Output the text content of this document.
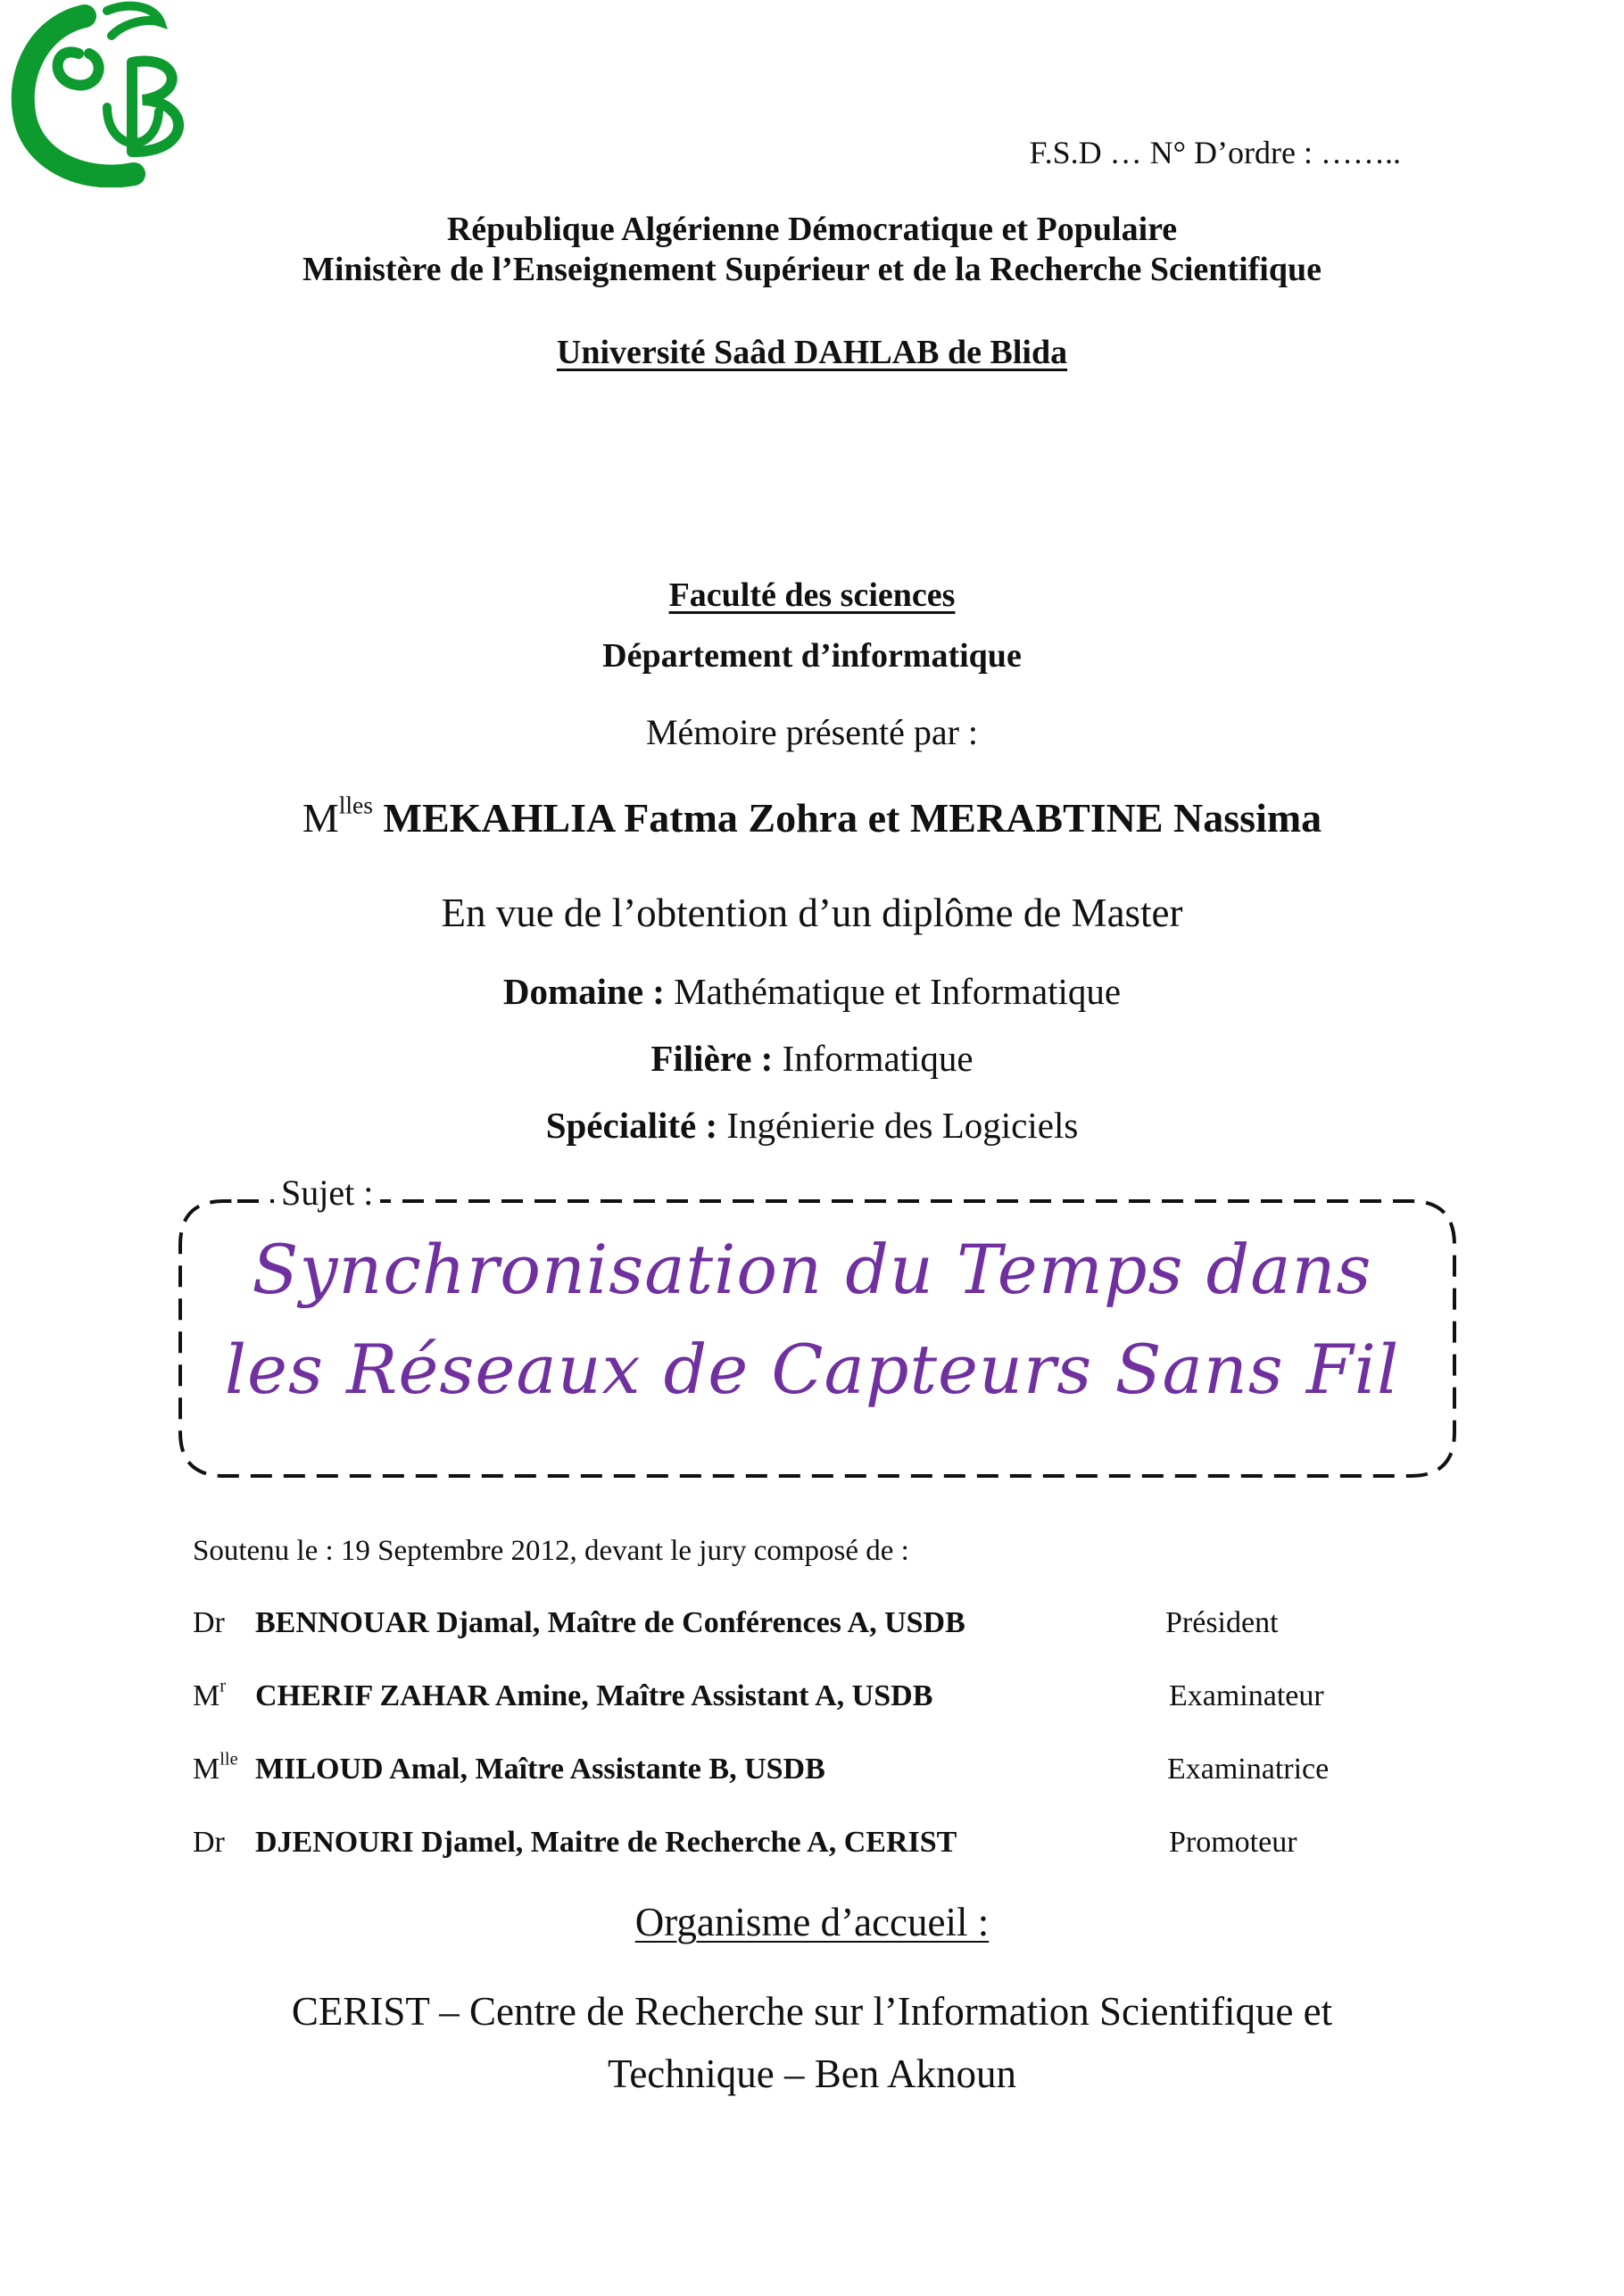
F.S.D … N° D’ordre : ……..
République Algérienne Démocratique et Populaire
Ministère de l’Enseignement Supérieur et de la Recherche Scientifique
Université Saâd DAHLAB de Blida
Faculté des sciences
Département d’informatique
Mémoire présenté par :
$M^{lles}$ MEKAHLIA Fatma Zohra et MERABTINE Nassima
En vue de l’obtention d’un diplôme de Master
Domaine : Mathématique et Informatique
Filière : Informatique
Spécialité : Ingénierie des Logiciels
Sujet :
Synchronisation du Temps dans
les Réseaux de Capteurs Sans Fil
Soutenu le : 19 Septembre 2012, devant le jury composé de :
Dr BENNOUAR Djamal, Maître de Conférences A, USDB	Président
$M^r$ CHERIF ZAHAR Amine, Maître Assistant A, USDB	Examinateur
$M^{lle}$ MILOUD Amal, Maître Assistante B, USDB	Examinatrice
Dr DJENOURI Djamel, Maitre de Recherche A, CERIST	Promoteur
Organisme d’accueil :
CERIST – Centre de Recherche sur l’Information Scientifique et
Technique – Ben Aknoun
